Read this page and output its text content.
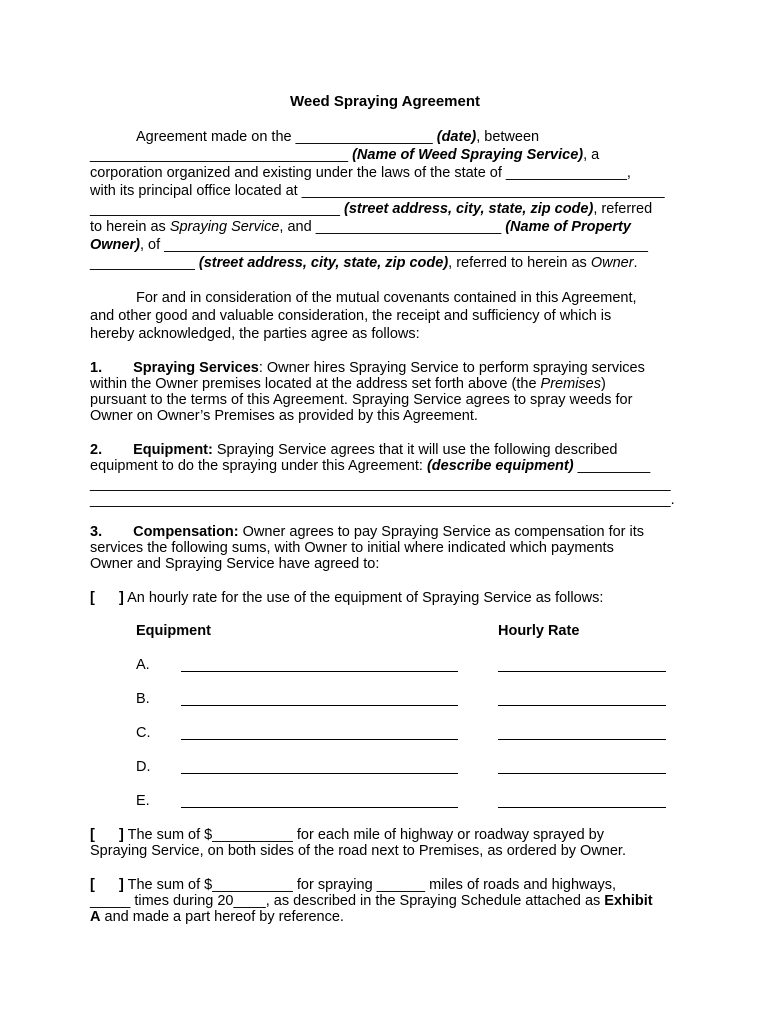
Weed Spraying Agreement
Agreement made on the _________________ (date), between
________________________________ (Name of Weed Spraying Service), a
corporation organized and existing under the laws of the state of _______________,
with its principal office located at _____________________________________________
_______________________________ (street address, city, state, zip code), referred
to herein as Spraying Service, and _______________________ (Name of Property
Owner), of ____________________________________________________________
_____________ (street address, city, state, zip code), referred to herein as Owner.
For and in consideration of the mutual covenants contained in this Agreement,
and other good and valuable consideration, the receipt and sufficiency of which is
hereby acknowledged, the parties agree as follows:
1. Spraying Services: Owner hires Spraying Service to perform spraying services
within the Owner premises located at the address set forth above (the Premises)
pursuant to the terms of this Agreement. Spraying Service agrees to spray weeds for
Owner on Owner’s Premises as provided by this Agreement.
2. Equipment: Spraying Service agrees that it will use the following described
equipment to do the spraying under this Agreement: (describe equipment) _________
________________________________________________________________________
________________________________________________________________________.
3. Compensation: Owner agrees to pay Spraying Service as compensation for its
services the following sums, with Owner to initial where indicated which payments
Owner and Spraying Service have agreed to:
[      ] An hourly rate for the use of the equipment of Spraying Service as follows:
Equipment	Hourly Rate
A.
B.
C.
D.
E.
[      ] The sum of $__________ for each mile of highway or roadway sprayed by
Spraying Service, on both sides of the road next to Premises, as ordered by Owner.
[      ] The sum of $__________ for spraying ______ miles of roads and highways,
_____ times during 20____, as described in the Spraying Schedule attached as Exhibit
A and made a part hereof by reference.
